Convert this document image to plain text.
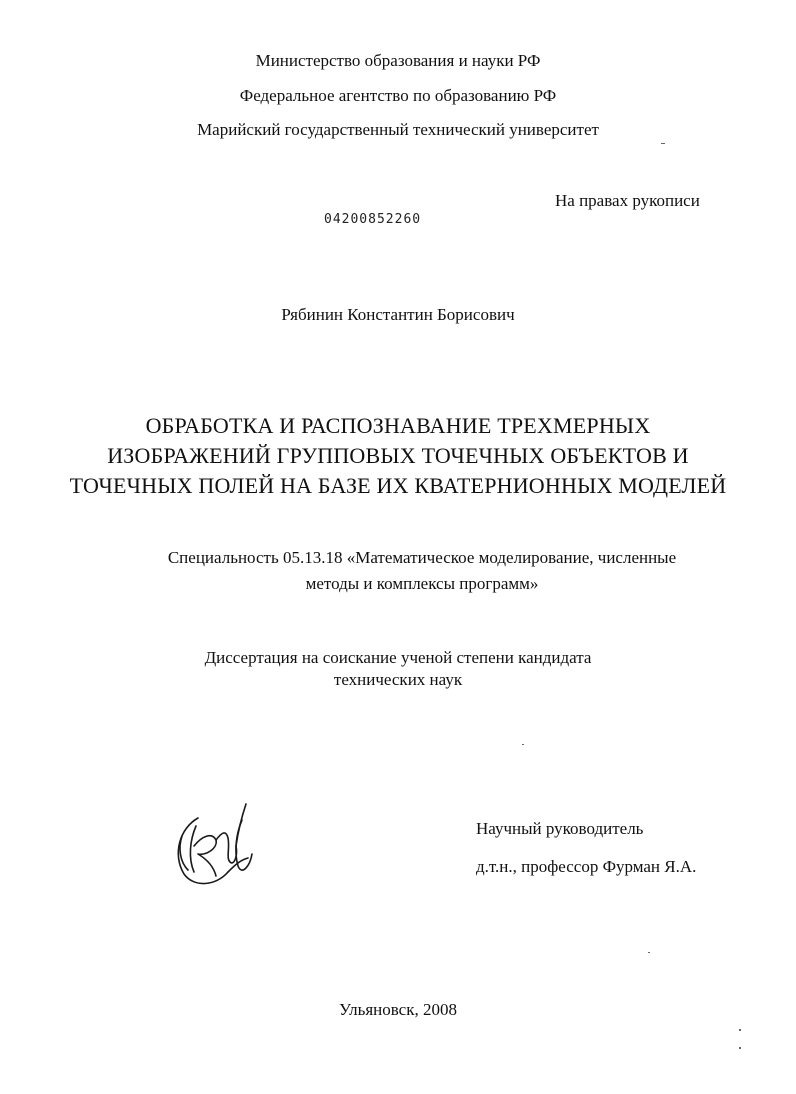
Министерство образования и науки РФ
Федеральное агентство по образованию РФ
Марийский государственный технический университет
На правах рукописи
04200852260
Рябинин Константин Борисович
ОБРАБОТКА И РАСПОЗНАВАНИЕ ТРЕХМЕРНЫХ
ИЗОБРАЖЕНИЙ ГРУППОВЫХ ТОЧЕЧНЫХ ОБЪЕКТОВ И
ТОЧЕЧНЫХ ПОЛЕЙ НА БАЗЕ ИХ КВАТЕРНИОННЫХ МОДЕЛЕЙ
Специальность 05.13.18 «Математическое моделирование, численные
методы и комплексы программ»
Диссертация на соискание ученой степени кандидата
технических наук
Научный руководитель
д.т.н., профессор Фурман Я.А.
Ульяновск, 2008
